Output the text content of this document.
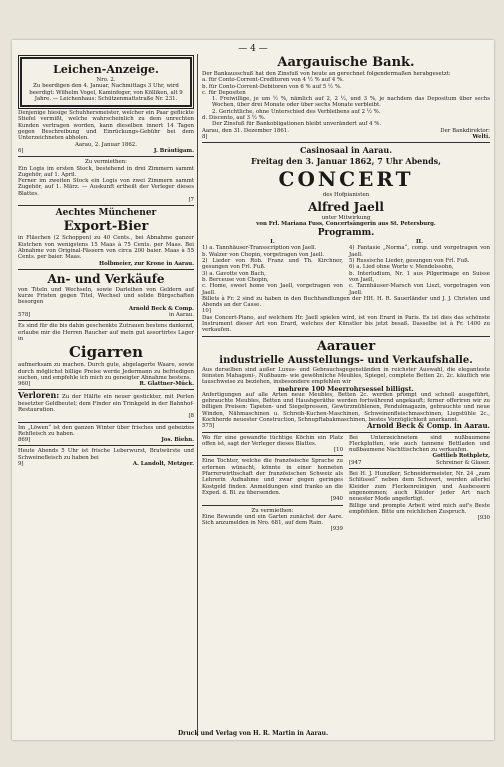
— 4 —

Leichen-Anzeige.

Nro. 2.

Zu beerdigen den 4. Januar, Nachmittags 3 Uhr, wird beerdigt: Wilhelm Vogel, Kaminfeger, von Kölliken, alt 9 Jahre. — Leichenhaus: Schützenmattstraße Nr. 231.

Denjenige hiesige Schuhhersmeister, welcher ein Paar geflickte Stiefel vermißt, welche wahrscheinlich zu dem unrechten Kunden vertragen worden, kann dieselben innert 14 Tagen gegen Beschreibung und Einrückungs-Gebühr bei dem Unterzeichneten abholen.

Aarau, 2. Januar 1862.

6]	J. Bräutigam.

Zu vermiethen:

Ein Logis im ersten Stock, bestehend in drei Zimmern sammt Zugehör, auf 1. April.

Ferner im zweiten Stock ein Logis von zwei Zimmern sammt Zugehör, auf 1. März. — Auskunft ertheilt der Verleger dieses Blattes.

[7

Aechtes Münchener

Export-Bier

in Fläschen (2 Schoppen) zu 40 Cents., bei Abnahme ganzer Kistchen von wenigstens 15 Maas à 75 Cents. per Maas. Bei Abnahme von Original-Fässern von circa 200 baier. Maas à 55 Cents. per baier. Maas.

Holbmeier, zur Krone in Aarau.

An- und Verkäufe

von Titeln und Wechseln, sowie Darleihen von Geldern auf kurze Fristen gegen Titel, Wechsel und solide Bürgschaften besorgen

Arnold Beck & Comp.

578]	in Aarau.

Es sind für die bis dahin geschenkte Zutrauen bestens dankend, erlaube mir die Herren Raucher auf mein gut assortirtes Lager in

Cigarren

aufmerksam zu machen. Durch gute, abgelagerte Waare, sowie durch möglichst billige Preise werde Jedermann zu befriedigen suchen, und empfehle ich mich zu geneigter Abnahme bestens.

960]	R. Glattner-Mück.

Verloren: Zu der Hälfte ein neuer gestickter, mit Perlen besetzter Geldbeutel; dem Finder ein Trinkgeld in der Bahnhof-Restauration.

[8

Im „Löwen“ ist den ganzen Winter über frisches und gebeiztes Rehfleisch zu haben.

869]	Jos. Biehn.

Heute Abends 5 Uhr ist frische Leberwurst, Bratwürste und Schweinefleisch zu haben bei

9]	A. Landolt, Metzger.

Aargauische Bank.

Der Bankausschuß hat den Zinsfuß von heute an gerechnet folgendermaßen herabgesetzt:

a. für Conto-Corrent-Creditoren von 4 ½ % auf 4 %.

b. für Conto-Corrent-Debitoren von 6 % auf 5 ½ %.

c. für Depositen

1. Freiwillige, je um ½ %, nämlich auf 2, 2 ½, und 3 %, je nachdem das Depositum über sechs Wochen, über drei Monate oder über sechs Monate verbleibt.

2. Gerichtliche, ohne Unterschied des Verbleibens auf 2 ½ %.

d. Discento, auf 3 ½ %.

Der Zinsfuß für Bankobligationen bleibt unverändert auf 4 %.

Aarau, den 31. Dezember 1861.	Der Bankdirektor:
8]	Welti.

Casinosaal in Aarau.

Freitag den 3. Januar 1862, 7 Uhr Abends,

CONCERT

des Hofpianisten

Alfred Jaell

unter Mitwirkung

von Frl. Mariana Fuss, Concertsängerin aus St. Petersburg.

Programm.

I.

1) a. Tannhäuser-Transscription von Jaell.

b. Walzer von Chopin, vorgetragen von Jaell.

2) Lieder von Rob. Franz und Th. Kirchner, gesungen von Frl. Fuß.

3) a. Gavotte von Bach,

b. Berceuse von Chopin,

c. Home, sweet home von Jaell, vorgetragen von Jaell.

II.

4) Fantasie „Norma“, comp. und vorgetragen von Jaell.

5) Russische Lieder, gesungen von Frl. Fuß.

6) a. Lied ohne Worte v. Mendelssohn,

b. Interludium, Nr. 1 aus Pilgerimage en Suisse von Jaell,

c. Tannhäuser-Marsch von Liszt, vorgetragen von Jaell.

Billets à Fr. 2 sind zu haben in den Buchhandlungen der HH. H. R. Sauerländer und J. J. Christen und Abends an der Casse.

10]

Das Concert-Piano, auf welchem Hr. Jaell spielen wird, ist von Erard in Paris. Es ist dies das schönste Instrument dieser Art von Erard, welches der Künstler bis jetzt besaß. Dasselbe ist à Fr. 1400 zu verkaufen.

Aarauer

industrielle Ausstellungs- und Verkaufshalle.

Aus derselben sind außer Luxus- und Gebrauchsgegenständen in reichster Auswahl, die eleganteste feinsten Mahagoni-, Nußbaum- wie gewöhnliche Meubles, Spiegel, complete Betten 2c. 2c. käuflich wie tauschweise zu beziehen, insbesondere empfehlen wir

mehrere 100 Meerrohrsessel billigst.

Anfertigungen auf alle Arten neue Meubles, Betten 2c. werden prompt und schnell ausgeführt, gebrauchte Meubles, Betten und Haushgeräthe werden fortwährend angekauft; ferner offeriren wir zu billigen Preisen: Tapeten- und Siegelpressen, Gewürzmühlenen, Pendulmagazin, gebrauchte und neue Winden, Nähmaschinen u. Schreib-Kuchen-Maschinen, Schweinenfleischmaschinen, Liegstühle 2c., Kochherde neuester Construction, Schnupftabakmaschinen, bestes Vorzüglichkeit anerkannt.

575]	Arnold Beck & Comp. in Aarau.

Wo für eine gewandte tüchtige Köchin ein Platz offen ist, sagt der Verleger dieses Blattes.

[10

Eine Tochter, welche die französische Sprache zu erlernen wünscht, könnte in einer honneten Pfarrerwirthschaft der französischen Schweiz als Lehrerin Aufnahme und zwar gegen geringes Kostgeld finden. Anmeldungen sind franko an die Exped. d. Bl. zu übersenden.

[940

Zu vermiethen:

Eine Bewunde und ein Garten zunächst der Aare. Sich anzumelden in Nro. 681, auf dem Rain.

[939

Bei Unterzeichnetem sind nußbaumene Fleckplatten, wie auch tannene Bettladen und nußbaumene Nachttischchen zu verkaufen.

Gottlieb Rothpletz,

[947	Schreiner & Glaser.

Bei H. J. Hunziker, Schneidermeister, Nr. 24 „zum Schlüssel“ neben dem Schwert, werden allerlei Kleider zum Fleckenreinigen und Ausbessern angenommen; auch Kleider jeder Art nach neuester Mode angefertigt.

Billige und prompte Arbeit wird mich auf's Beste empfehlen. Bitte um reichlichen Zuspruch.

[930

Druck und Verlag von H. R. Martin in Aarau.
